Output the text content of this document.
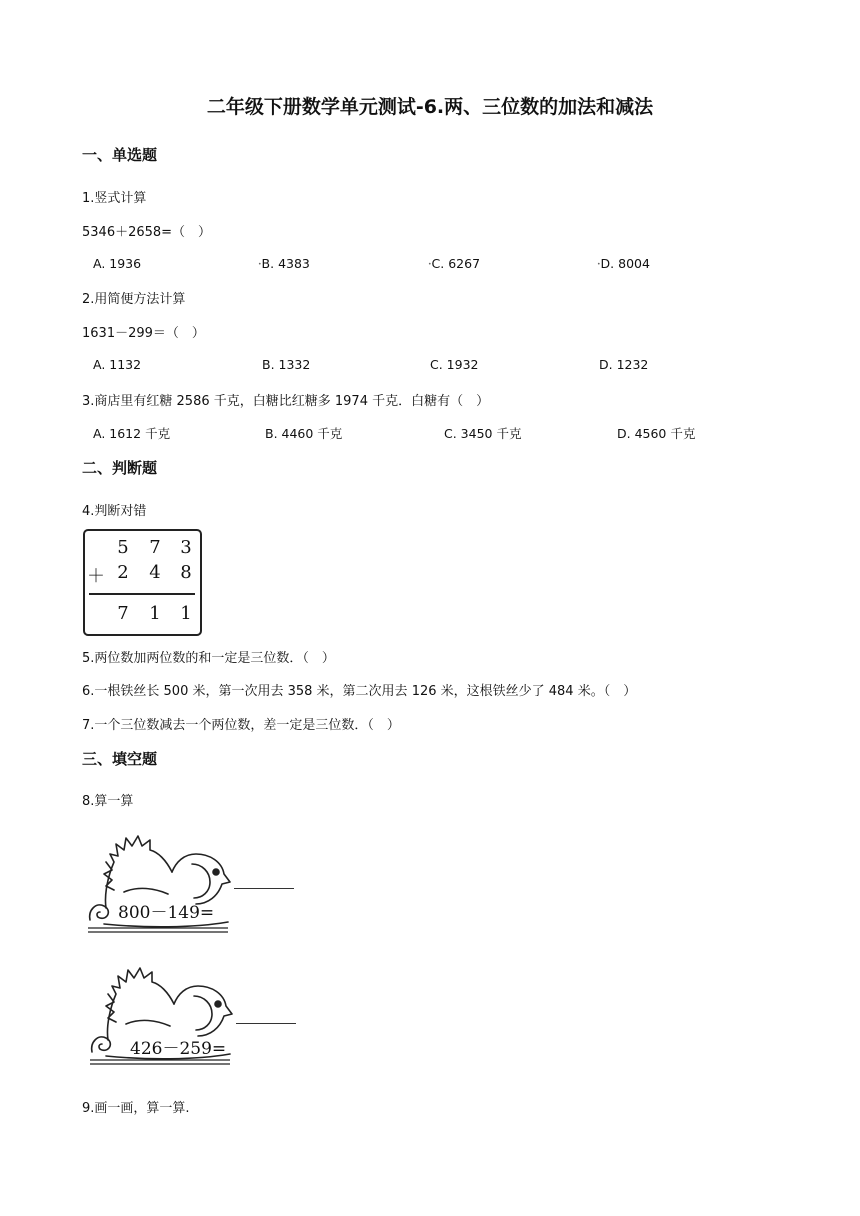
二年级下册数学单元测试-6.两、三位数的加法和减法
一、单选题
1.竖式计算
5346＋2658=（　）
A. 1936	•B. 4383	•C. 6267	•D. 8004
2.用简便方法计算
1631－299＝（　）
A. 1132	B. 1332	C. 1932	D. 1232
3.商店里有红糖 2586 千克，白糖比红糖多 1974 千克．白糖有（　）
A. 1612 千克	B. 4460 千克	C. 3450 千克	D. 4560 千克
二、判断题
4.判断对错
5 7 3
＋ 2 4 8
7 1 1
5.两位数加两位数的和一定是三位数．（　）
6.一根铁丝长 500 米，第一次用去 358 米，第二次用去 126 米，这根铁丝少了 484 米。（　）
7.一个三位数减去一个两位数，差一定是三位数．（　）
三、填空题
8.算一算
800－149=
426－259=
9.画一画，算一算.
